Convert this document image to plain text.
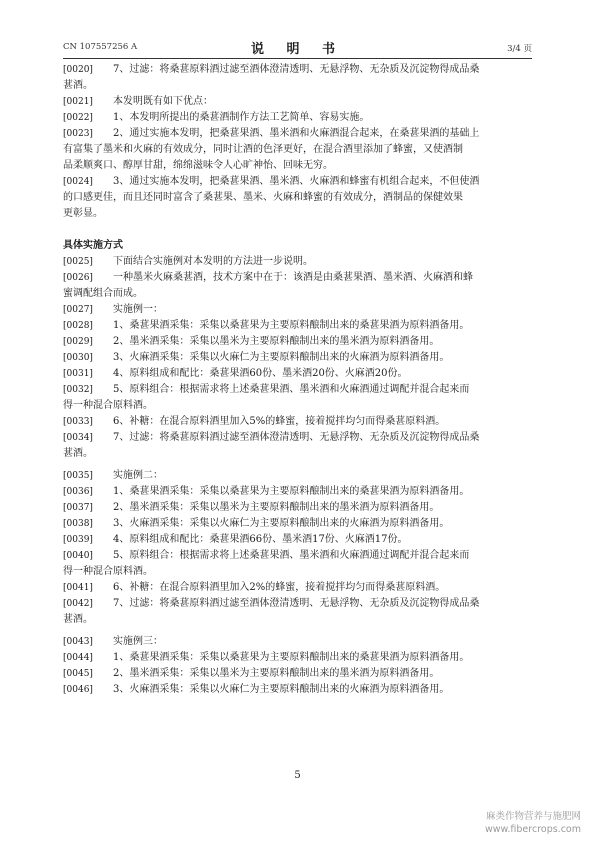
CN 107557256 A	说 明 书	3/4 页
[0020]	7、过滤：将桑葚原料酒过滤至酒体澄清透明、无悬浮物、无杂质及沉淀物得成品桑
葚酒。
[0021]	本发明既有如下优点：
[0022]	1、本发明所提出的桑葚酒制作方法工艺简单、容易实施。
[0023]	2、通过实施本发明，把桑葚果酒、墨米酒和火麻酒混合起来，在桑葚果酒的基础上
有富集了墨米和火麻的有效成分，同时让酒的色泽更好，在混合酒里添加了蜂蜜，又使酒制
品柔顺爽口、醇厚甘甜，绵绵滋味令人心旷神怡、回味无穷。
[0024]	3、通过实施本发明，把桑葚果酒、墨米酒、火麻酒和蜂蜜有机组合起来，不但使酒
的口感更佳，而且还同时富含了桑葚果、墨米、火麻和蜂蜜的有效成分，酒制品的保健效果
更彰显。
具体实施方式
[0025]	下面结合实施例对本发明的方法进一步说明。
[0026]	一种墨米火麻桑葚酒，技术方案中在于：该酒是由桑葚果酒、墨米酒、火麻酒和蜂
蜜调配组合而成。
[0027]	实施例一：
[0028]	1、桑葚果酒采集：采集以桑葚果为主要原料酿制出来的桑葚果酒为原料酒备用。
[0029]	2、墨米酒采集：采集以墨米为主要原料酿制出来的墨米酒为原料酒备用。
[0030]	3、火麻酒采集：采集以火麻仁为主要原料酿制出来的火麻酒为原料酒备用。
[0031]	4、原料组成和配比：桑葚果酒60份、墨米酒20份、火麻酒20份。
[0032]	5、原料组合：根据需求将上述桑葚果酒、墨米酒和火麻酒通过调配并混合起来而
得一种混合原料酒。
[0033]	6、补糖：在混合原料酒里加入5%的蜂蜜，接着搅拌均匀而得桑葚原料酒。
[0034]	7、过滤：将桑葚原料酒过滤至酒体澄清透明、无悬浮物、无杂质及沉淀物得成品桑
葚酒。
[0035]	实施例二：
[0036]	1、桑葚果酒采集：采集以桑葚果为主要原料酿制出来的桑葚果酒为原料酒备用。
[0037]	2、墨米酒采集：采集以墨米为主要原料酿制出来的墨米酒为原料酒备用。
[0038]	3、火麻酒采集：采集以火麻仁为主要原料酿制出来的火麻酒为原料酒备用。
[0039]	4、原料组成和配比：桑葚果酒66份、墨米酒17份、火麻酒17份。
[0040]	5、原料组合：根据需求将上述桑葚果酒、墨米酒和火麻酒通过调配并混合起来而
得一种混合原料酒。
[0041]	6、补糖：在混合原料酒里加入2%的蜂蜜，接着搅拌均匀而得桑葚原料酒。
[0042]	7、过滤：将桑葚原料酒过滤至酒体澄清透明、无悬浮物、无杂质及沉淀物得成品桑
葚酒。
[0043]	实施例三：
[0044]	1、桑葚果酒采集：采集以桑葚果为主要原料酿制出来的桑葚果酒为原料酒备用。
[0045]	2、墨米酒采集：采集以墨米为主要原料酿制出来的墨米酒为原料酒备用。
[0046]	3、火麻酒采集：采集以火麻仁为主要原料酿制出来的火麻酒为原料酒备用。
5
麻类作物营养与施肥网
www.fibercrops.com
